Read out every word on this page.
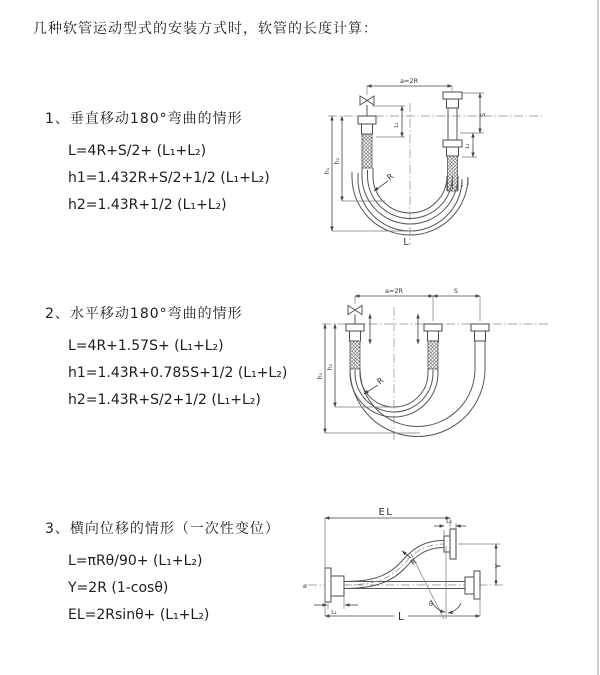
几种软管运动型式的安装方式时，软管的长度计算：

1、垂直移动180°弯曲的情形

L=4R+S/2+ (L₁+L₂)

h1=1.432R+S/2+1/2 (L₁+L₂)

h2=1.43R+1/2 (L₁+L₂)

2、水平移动180°弯曲的情形

L=4R+1.57S+ (L₁+L₂)

h1=1.43R+0.785S+1/2 (L₁+L₂)

h2=1.43R+S/2+1/2 (L₁+L₂)

3、横向位移的情形（一次性变位）

L=πRθ/90+ (L₁+L₂)

Y=2R (1-cosθ)

EL=2Rsinθ+ (L₁+L₂)

a=2R
L₁
S
L₁
h₁
h₂
R
L
a=2R	S
h₁
h₂
R
ø
EL
L₂
Y
L
L₁
θ
R
